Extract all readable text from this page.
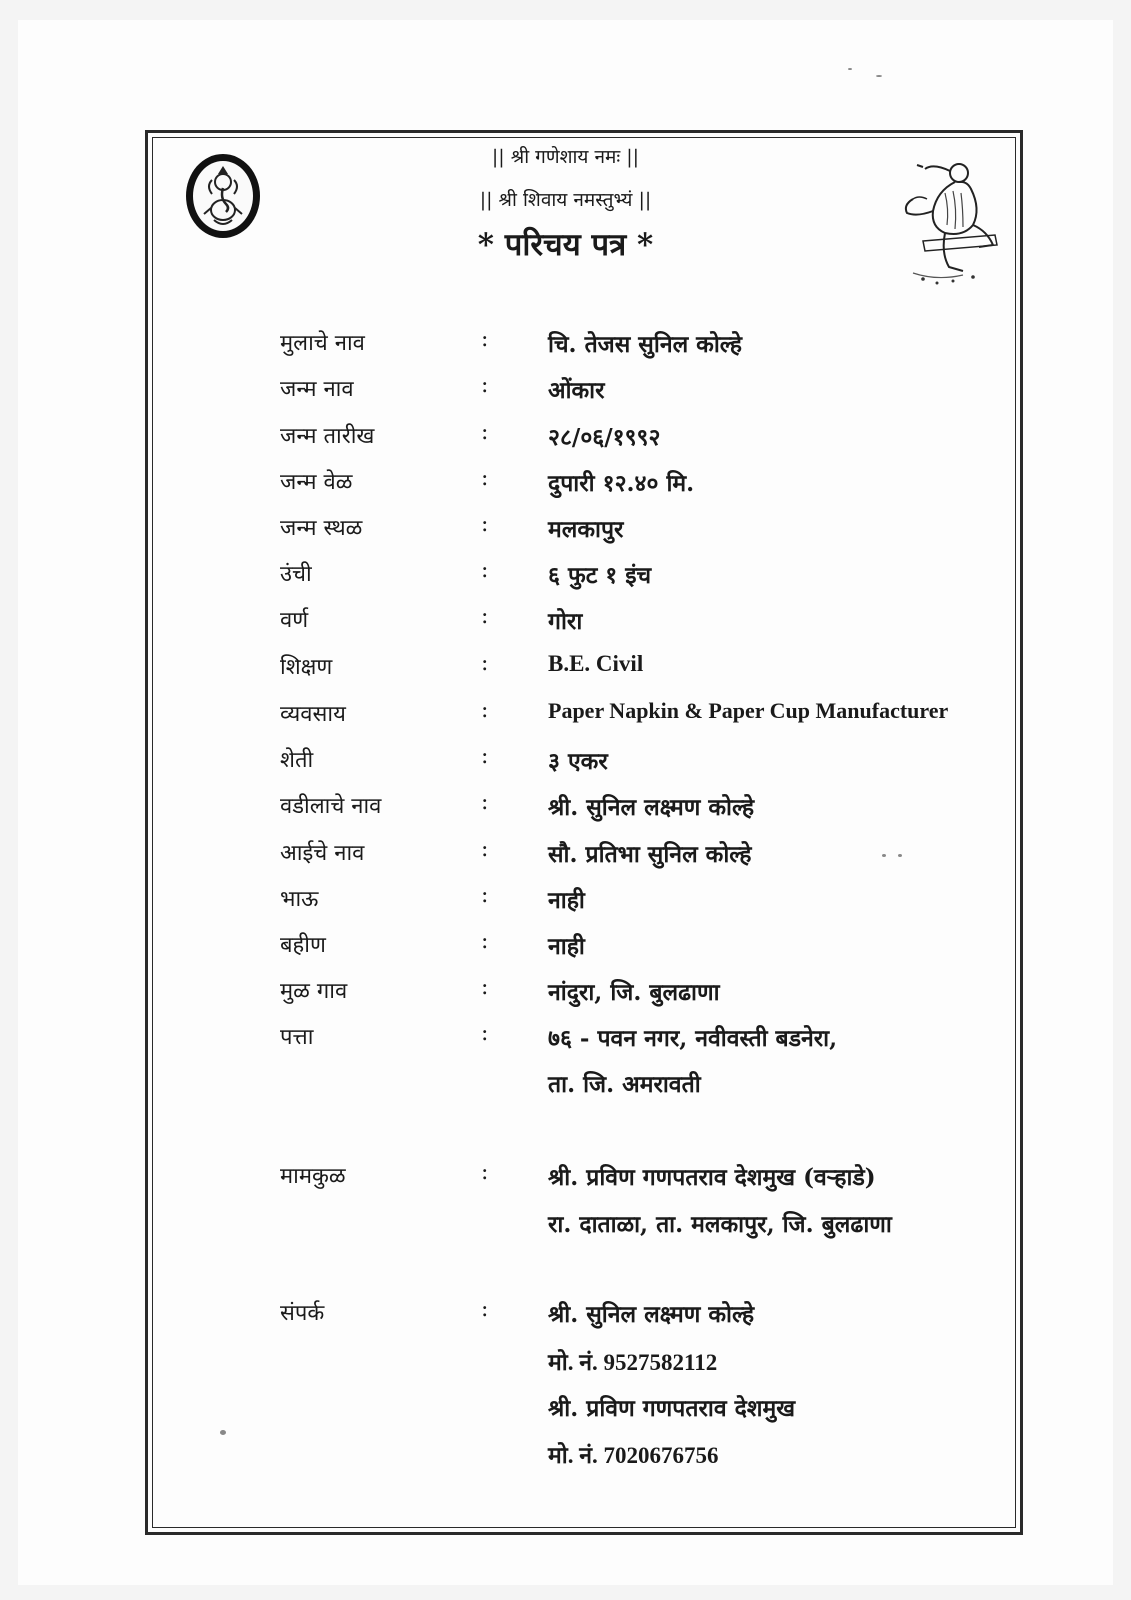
|| श्री गणेशाय नमः ||
|| श्री शिवाय नमस्तुभ्यं ||
* परिचय पत्र *
मुलाचे नाव	:	चि. तेजस सुनिल कोल्हे
जन्म नाव	:	ओंकार
जन्म तारीख	:	२८/०६/१९९२
जन्म वेळ	:	दुपारी १२.४० मि.
जन्म स्थळ	:	मलकापुर
उंची	:	६ फुट १ इंच
वर्ण	:	गोरा
शिक्षण	:	B.E. Civil
व्यवसाय	:	Paper Napkin & Paper Cup Manufacturer
शेती	:	३ एकर
वडीलाचे नाव	:	श्री. सुनिल लक्ष्मण कोल्हे
आईचे नाव	:	सौ. प्रतिभा सुनिल कोल्हे
भाऊ	:	नाही
बहीण	:	नाही
मुळ गाव	:	नांदुरा, जि. बुलढाणा
पत्ता	:	७६ - पवन नगर, नवीवस्ती बडनेरा,
ता. जि. अमरावती
मामकुळ	:	श्री. प्रविण गणपतराव देशमुख (वऱ्हाडे)
रा. दाताळा, ता. मलकापुर, जि. बुलढाणा
संपर्क	:	श्री. सुनिल लक्ष्मण कोल्हे
मो. नं. 9527582112
श्री. प्रविण गणपतराव देशमुख
मो. नं. 7020676756
